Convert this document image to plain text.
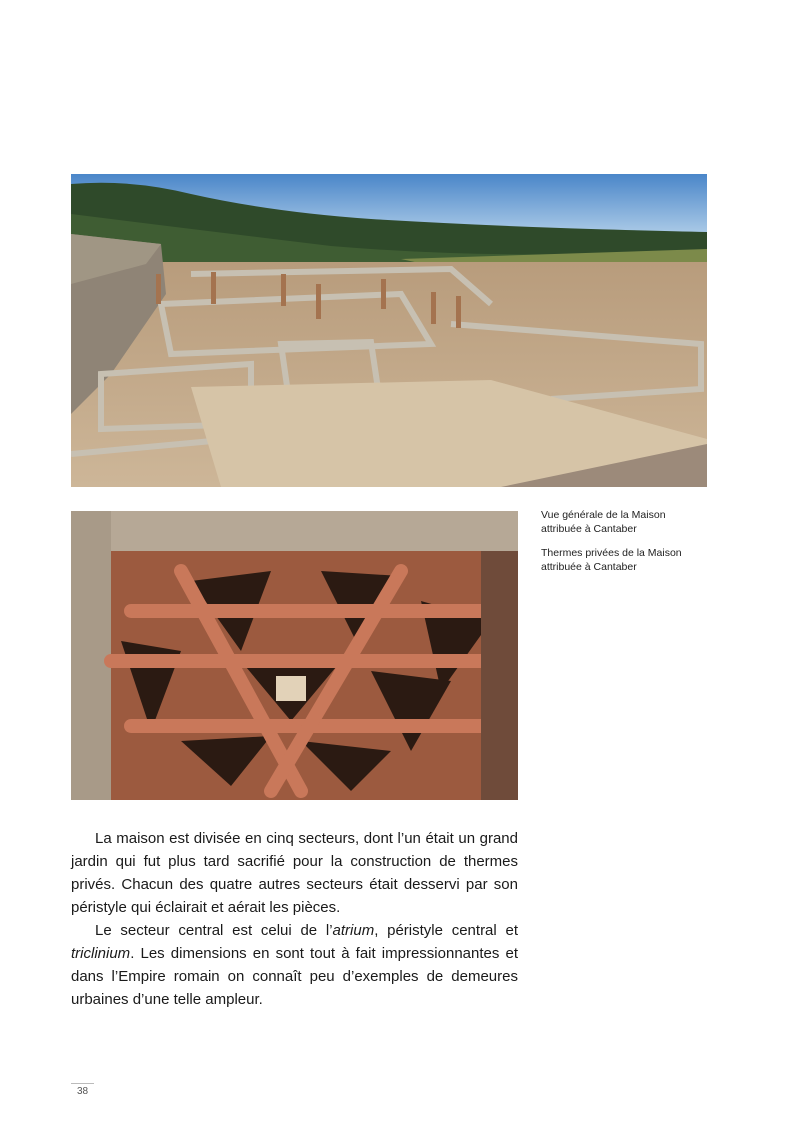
Vue générale de la Maison
attribuée à Cantaber
Thermes privées de la Maison
attribuée à Cantaber

La maison est divisée en cinq secteurs, dont l’un était un grand jardin qui fut plus tard sacrifié pour la construction de thermes privés. Chacun des quatre autres secteurs était desservi par son péristyle qui éclairait et aérait les pièces.

Le secteur central est celui de l’atrium, péristyle central et triclinium. Les dimensions en sont tout à fait impressionnantes et dans l’Empire romain on connaît peu d’exemples de demeures urbaines d’une telle ampleur.

38
